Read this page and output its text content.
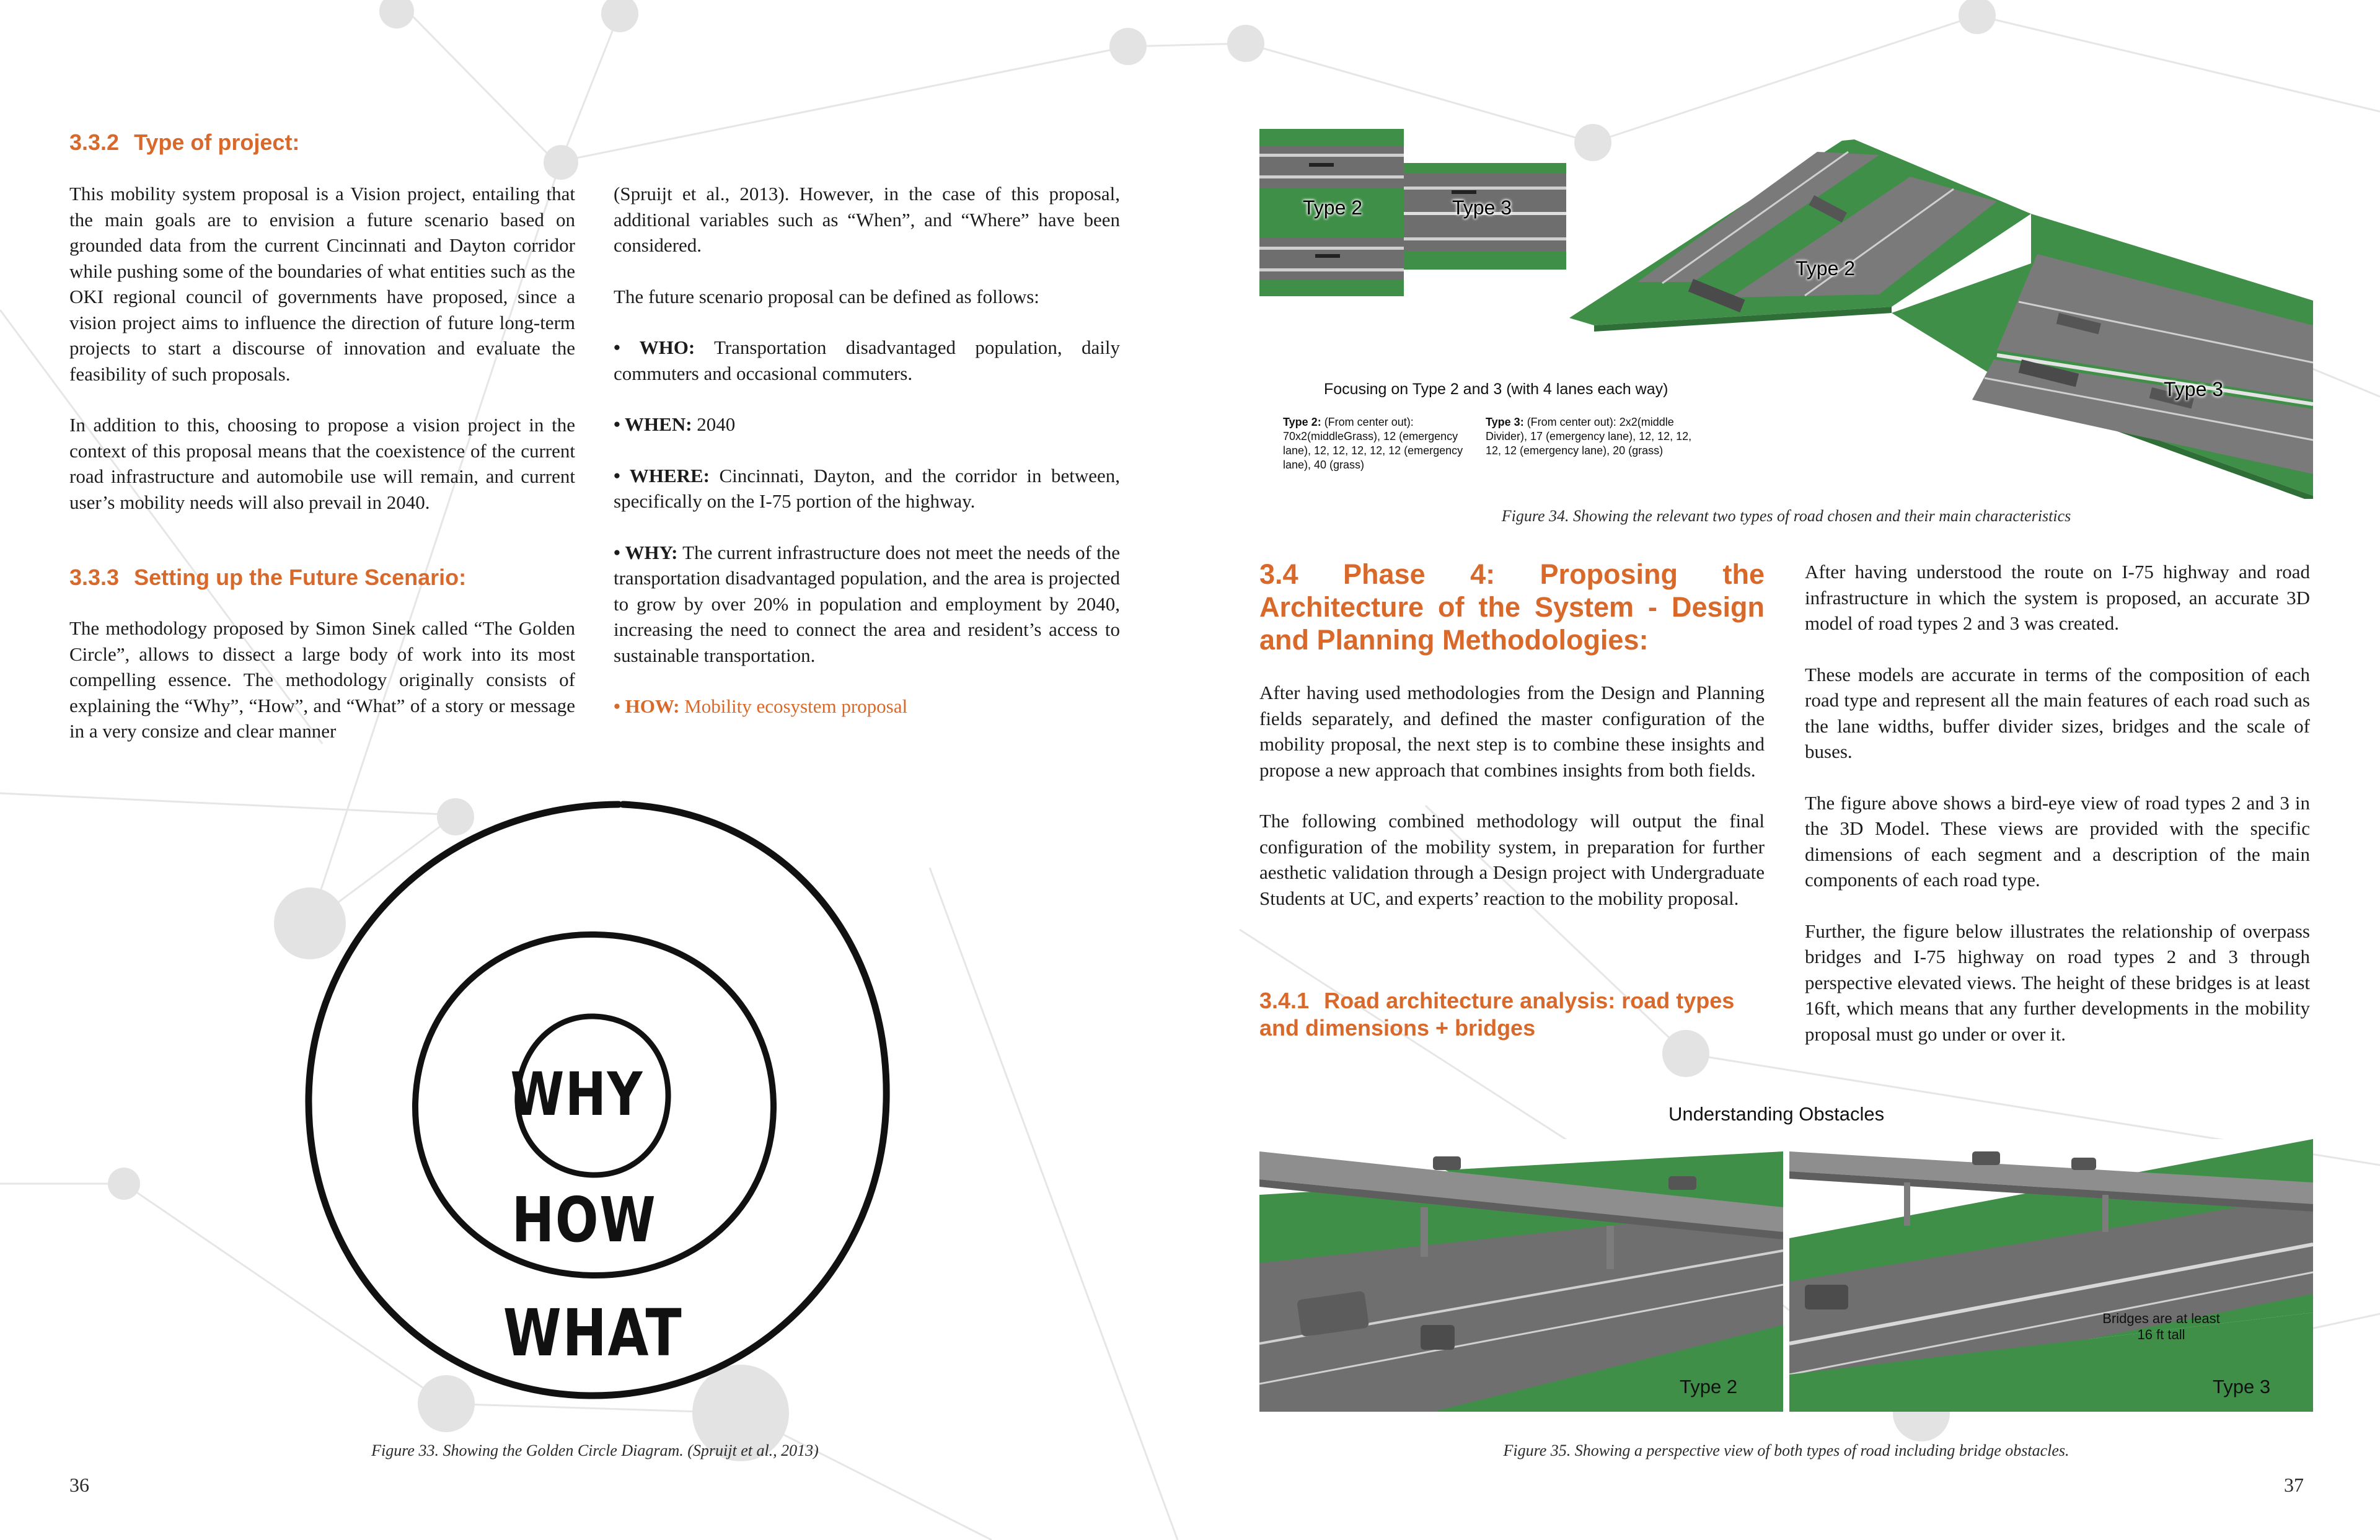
3.3.2 Type of project:

This mobility system proposal is a Vision project, entailing that the main goals are to envision a future scenario based on grounded data from the current Cincinnati and Dayton corridor while pushing some of the boundaries of what entities such as the OKI regional council of governments have proposed, since a vision project aims to influence the direction of future long-term projects to start a discourse of innovation and evaluate the feasibility of such proposals.

In addition to this, choosing to propose a vision project in the context of this proposal means that the coexistence of the current road infrastructure and automobile use will remain, and current user’s mobility needs will also prevail in 2040.

3.3.3 Setting up the Future Scenario:

The methodology proposed by Simon Sinek called “The Golden Circle”, allows to dissect a large body of work into its most compelling essence. The methodology originally consists of explaining the “Why”, “How”, and “What” of a story or message in a very consize and clear manner

(Spruijt et al., 2013). However, in the case of this proposal, additional variables such as “When”, and “Where” have been considered.

The future scenario proposal can be defined as follows:

• WHO: Transportation disadvantaged population, daily commuters and occasional commuters.

• WHEN: 2040

• WHERE: Cincinnati, Dayton, and the corridor in between, specifically on the I-75 portion of the highway.

• WHY: The current infrastructure does not meet the needs of the transportation disadvantaged population, and the area is projected to grow by over 20% in population and employment by 2040, increasing the need to connect the area and resident’s access to sustainable transportation.

• HOW: Mobility ecosystem proposal

WHY
HOW
WHAT
Figure 33. Showing the Golden Circle Diagram. (Spruijt et al., 2013)
36
Type 2	Type 3
Type 2
Type 3
Focusing on Type 2 and 3 (with 4 lanes each way)
Type 2: (From center out): 70x2(middleGrass), 12 (emergency lane), 12, 12, 12, 12, 12 (emergency lane), 40 (grass)
Type 3: (From center out): 2x2(middle Divider), 17 (emergency lane), 12, 12, 12, 12, 12 (emergency lane), 20 (grass)
Figure 34. Showing the relevant two types of road chosen and their main characteristics
3.4 Phase 4: Proposing the Architecture of the System - Design and Planning Methodologies:

After having used methodologies from the Design and Planning fields separately, and defined the master configuration of the mobility proposal, the next step is to combine these insights and propose a new approach that combines insights from both fields.

The following combined methodology will output the final configuration of the mobility system, in preparation for further aesthetic validation through a Design project with Undergraduate Students at UC, and experts’ reaction to the mobility proposal.

3.4.1 Road architecture analysis: road types and dimensions + bridges

After having understood the route on I-75 highway and road infrastructure in which the system is proposed, an accurate 3D model of road types 2 and 3 was created.

These models are accurate in terms of the composition of each road type and represent all the main features of each road such as the lane widths, buffer divider sizes, bridges and the scale of buses.

The figure above shows a bird-eye view of road types 2 and 3 in the 3D Model. These views are provided with the specific dimensions of each segment and a description of the main components of each road type.

Further, the figure below illustrates the relationship of overpass bridges and I-75 highway on road types 2 and 3 through perspective elevated views. The height of these bridges is at least 16ft, which means that any further developments in the mobility proposal must go under or over it.

Understanding Obstacles
Type 2	Type 3
Bridges are at least 16 ft tall
Figure 35. Showing a perspective view of both types of road including bridge obstacles.
37
